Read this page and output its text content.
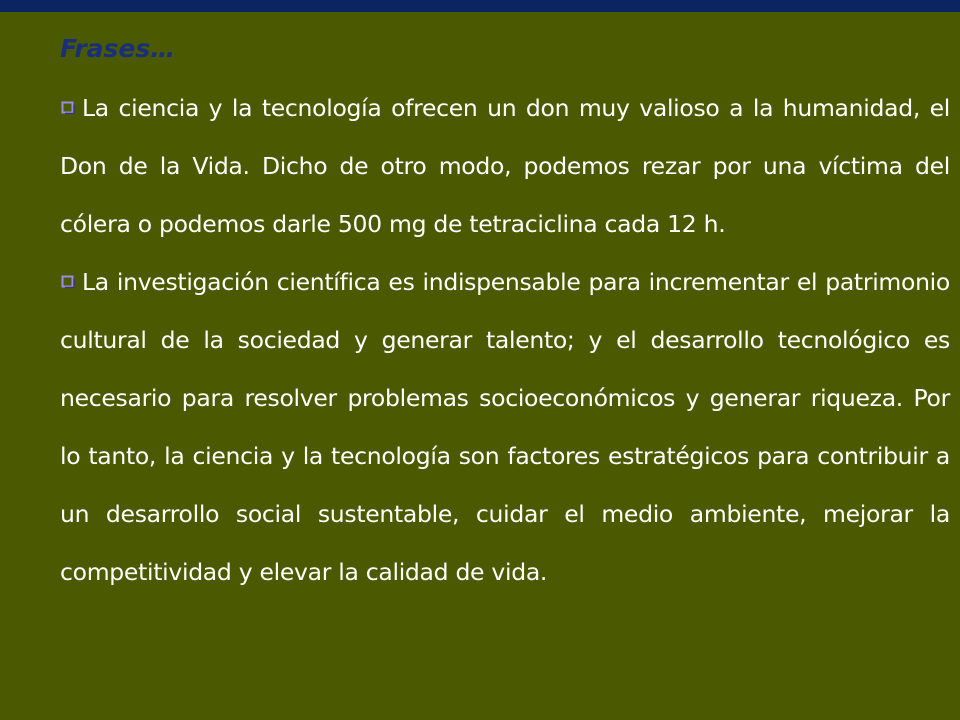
Frases…

La ciencia y la tecnología ofrecen un don muy valioso a la humanidad, el Don de la Vida. Dicho de otro modo, podemos rezar por una víctima del cólera o podemos darle 500 mg de tetraciclina cada 12 h.

La investigación científica es indispensable para incrementar el patrimonio cultural de la sociedad y generar talento; y el desarrollo tecnológico es necesario para resolver problemas socioeconómicos y generar riqueza. Por lo tanto, la ciencia y la tecnología son factores estratégicos para contribuir a un desarrollo social sustentable, cuidar el medio ambiente, mejorar la competitividad y elevar la calidad de vida.
